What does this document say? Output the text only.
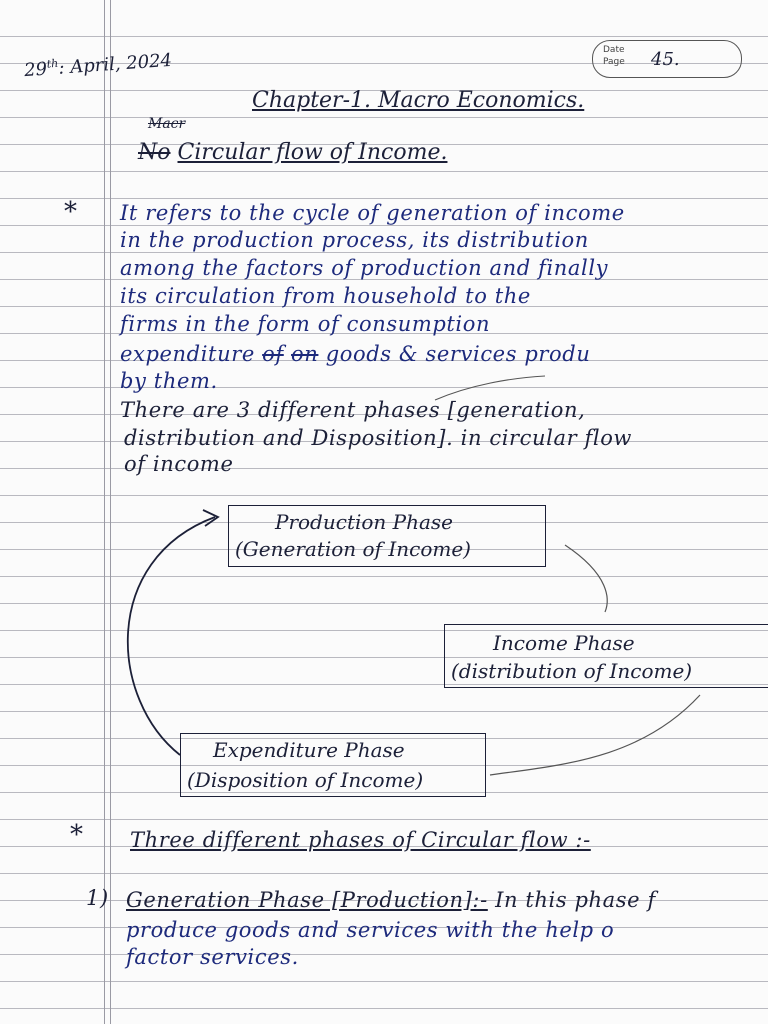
29th: April, 2024	Date
Page 45.
Chapter-1. Macro Economics.
Macr
No Circular flow of Income.
* It refers to the cycle of generation of income
in the production process, its distribution
among the factors of production and finally
its circulation from household to the
firms in the form of consumption
expenditure of on goods & services produ
by them.
There are 3 different phases [generation,
distribution and Disposition]. in circular flow
of income
Production Phase
(Generation of Income)
Income Phase
(distribution of Income)
Expenditure Phase
(Disposition of Income)
* Three different phases of Circular flow :-
1) Generation Phase [Production]:- In this phase f
produce goods and services with the help o
factor services.
